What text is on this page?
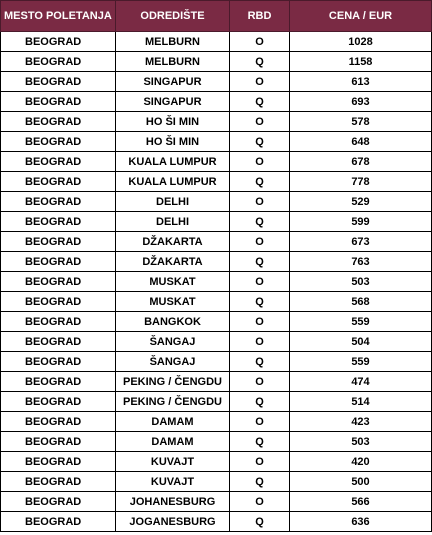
MESTO POLETANJA	ODREDIŠTE	RBD	CENA / EUR
BEOGRAD	MELBURN	O	1028
BEOGRAD	MELBURN	Q	1158
BEOGRAD	SINGAPUR	O	613
BEOGRAD	SINGAPUR	Q	693
BEOGRAD	HO ŠI MIN	O	578
BEOGRAD	HO ŠI MIN	Q	648
BEOGRAD	KUALA LUMPUR	O	678
BEOGRAD	KUALA LUMPUR	Q	778
BEOGRAD	DELHI	O	529
BEOGRAD	DELHI	Q	599
BEOGRAD	DŽAKARTA	O	673
BEOGRAD	DŽAKARTA	Q	763
BEOGRAD	MUSKAT	O	503
BEOGRAD	MUSKAT	Q	568
BEOGRAD	BANGKOK	O	559
BEOGRAD	ŠANGAJ	O	504
BEOGRAD	ŠANGAJ	Q	559
BEOGRAD	PEKING / ČENGDU	O	474
BEOGRAD	PEKING / ČENGDU	Q	514
BEOGRAD	DAMAM	O	423
BEOGRAD	DAMAM	Q	503
BEOGRAD	KUVAJT	O	420
BEOGRAD	KUVAJT	Q	500
BEOGRAD	JOHANESBURG	O	566
BEOGRAD	JOGANESBURG	Q	636
